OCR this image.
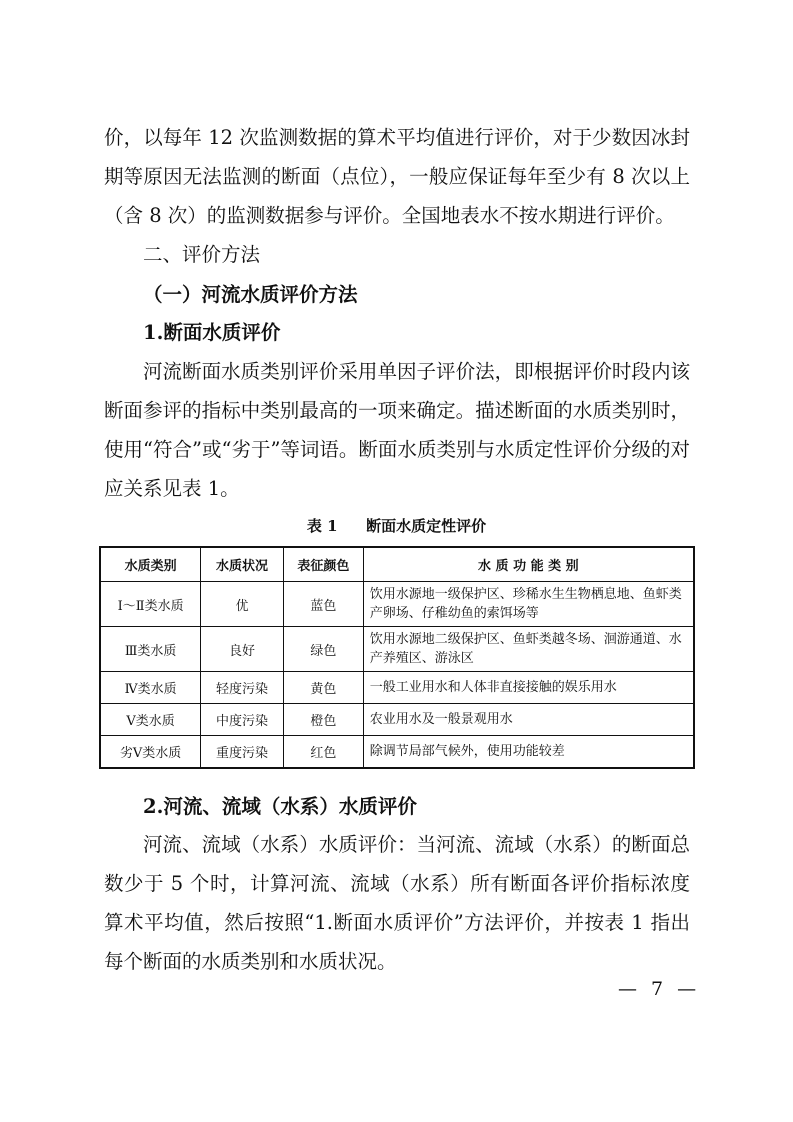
价，以每年 12 次监测数据的算术平均值进行评价，对于少数因冰封期等原因无法监测的断面（点位），一般应保证每年至少有 8 次以上（含 8 次）的监测数据参与评价。全国地表水不按水期进行评价。

二、评价方法
（一）河流水质评价方法
1.断面水质评价

河流断面水质类别评价采用单因子评价法，即根据评价时段内该断面参评的指标中类别最高的一项来确定。描述断面的水质类别时，使用“符合”或“劣于”等词语。断面水质类别与水质定性评价分级的对应关系见表 1。

表 1 断面水质定性评价
水质类别	水质状况	表征颜色	水 质 功 能 类 别
Ⅰ～Ⅱ类水质	优	蓝色	饮用水源地一级保护区、珍稀水生生物栖息地、鱼虾类产卵场、仔稚幼鱼的索饵场等
Ⅲ类水质	良好	绿色	饮用水源地二级保护区、鱼虾类越冬场、洄游通道、水产养殖区、游泳区
Ⅳ类水质	轻度污染	黄色	一般工业用水和人体非直接接触的娱乐用水
Ⅴ类水质	中度污染	橙色	农业用水及一般景观用水
劣Ⅴ类水质	重度污染	红色	除调节局部气候外，使用功能较差
2.河流、流域（水系）水质评价

河流、流域（水系）水质评价：当河流、流域（水系）的断面总数少于 5 个时，计算河流、流域（水系）所有断面各评价指标浓度算术平均值，然后按照“1.断面水质评价”方法评价，并按表 1 指出每个断面的水质类别和水质状况。

— 7 —
